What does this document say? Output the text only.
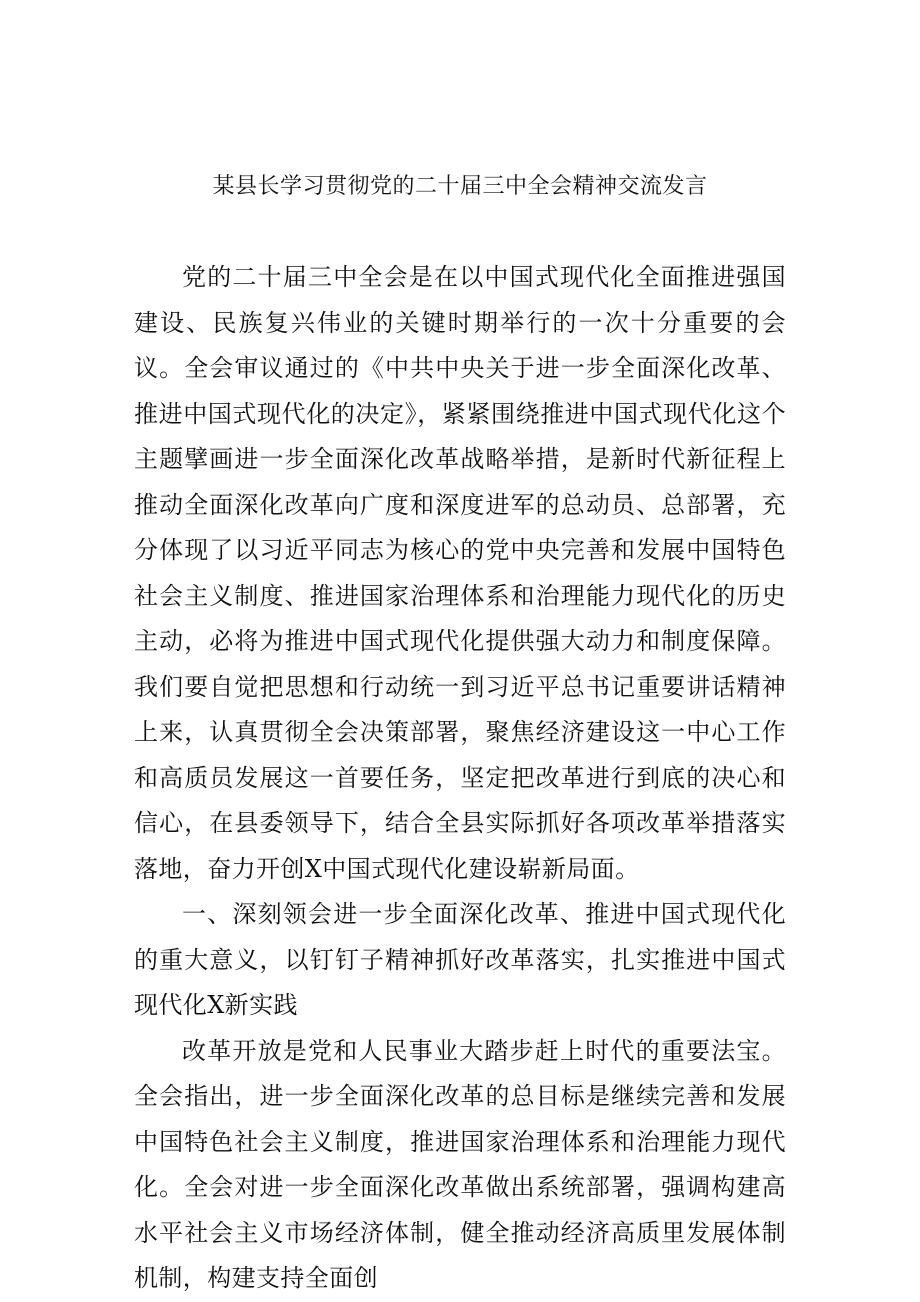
某县长学习贯彻党的二十届三中全会精神交流发言

党的二十届三中全会是在以中国式现代化全面推进强国建设、民族复兴伟业的关键时期举行的一次十分重要的会议。全会审议通过的《中共中央关于进一步全面深化改革、推进中国式现代化的决定》，紧紧围绕推进中国式现代化这个主题擘画进一步全面深化改革战略举措，是新时代新征程上推动全面深化改革向广度和深度进军的总动员、总部署，充分体现了以习近平同志为核心的党中央完善和发展中国特色社会主义制度、推进国家治理体系和治理能力现代化的历史主动，必将为推进中国式现代化提供强大动力和制度保障。我们要自觉把思想和行动统一到习近平总书记重要讲话精神上来，认真贯彻全会决策部署，聚焦经济建设这一中心工作和高质员发展这一首要任务，坚定把改革进行到底的决心和信心，在县委领导下，结合全县实际抓好各项改革举措落实落地，奋力开创X中国式现代化建设崭新局面。

一、深刻领会进一步全面深化改革、推进中国式现代化的重大意义，以钉钉子精神抓好改革落实，扎实推进中国式现代化X新实践

改革开放是党和人民事业大踏步赶上时代的重要法宝。全会指出，进一步全面深化改革的总目标是继续完善和发展中国特色社会主义制度，推进国家治理体系和治理能力现代化。全会对进一步全面深化改革做出系统部署，强调构建高水平社会主义市场经济体制，健全推动经济高质里发展体制机制，构建支持全面创
